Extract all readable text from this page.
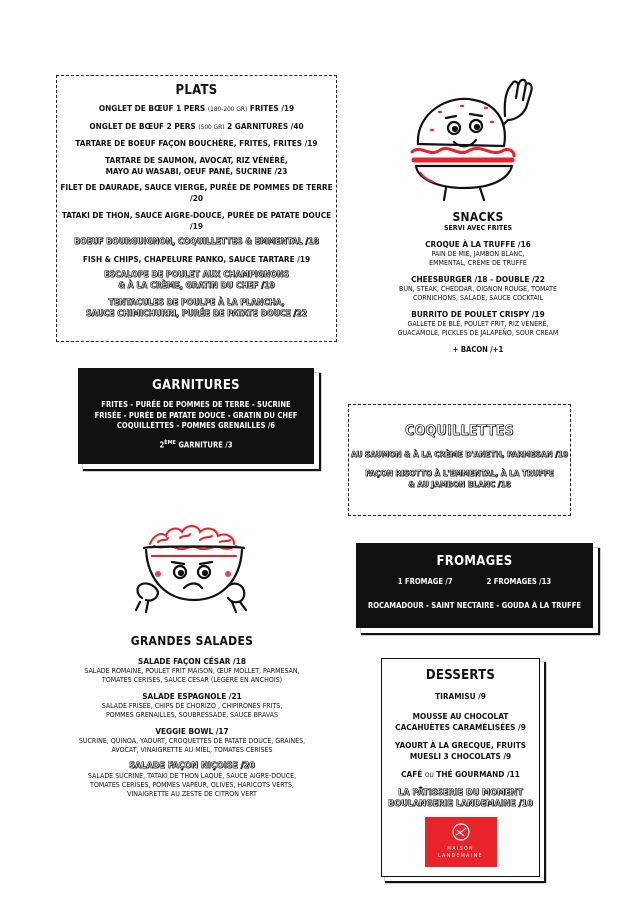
PLATS
ONGLET DE BŒUF 1 PERS (180-200 GR) FRITES /19
ONGLET DE BŒUF 2 PERS (500 GR) 2 GARNITURES /40
TARTARE DE BOEUF FAÇON BOUCHÈRE, FRITES, FRITES /19
TARTARE DE SAUMON, AVOCAT, RIZ VÉNÉRÉ,
MAYO AU WASABI, OEUF PANÉ, SUCRINE /23
FILET DE DAURADE, SAUCE VIERGE, PURÉE DE POMMES DE TERRE /20
TATAKI DE THON, SAUCE AIGRE-DOUCE, PURÉE DE PATATE DOUCE /19
BOEUF BOURGUIGNON, COQUILLETTES & EMMENTAL /18
FISH & CHIPS, CHAPELURE PANKO, SAUCE TARTARE /19
ESCALOPE DE POULET AUX CHAMPIGNONS
& À LA CRÈME, GRATIN DU CHEF /19
TENTACULES DE POULPE À LA PLANCHA,
SAUCE CHIMICHURRI, PURÉE DE PATATE DOUCE /22
GARNITURES
FRITES - PURÉE DE POMMES DE TERRE - SUCRINE
FRISÉE - PURÉE DE PATATE DOUCE - GRATIN DU CHEF
COQUILLETTES - POMMES GRENAILLES /6
2ÈME GARNITURE /3
SNACKS
SERVI AVEC FRITES
CROQUE À LA TRUFFE /16
PAIN DE MIE, JAMBON BLANC,
EMMENTAL, CRÈME DE TRUFFE
CHEESBURGER /18 - DOUBLE /22
BUN, STEAK, CHEDDAR, OIGNON ROUGE, TOMATE
CORNICHONS, SALADE, SAUCE COCKTAIL
BURRITO DE POULET CRISPY /19
GALLETE DE BLÉ, POULET FRIT, RIZ VÉNÉRÉ,
GUACAMOLE, PICKLES DE JALAPEÑO, SOUR CREAM
+ BACON /+1
COQUILLETTES
AU SAUMON & À LA CRÈME D'ANETH, PARMESAN /19
FAÇON RISOTTO À L'EMMENTAL, À LA TRUFFE
& AU JAMBON BLANC /18
FROMAGES
1 FROMAGE /7	2 FROMAGES /13
ROCAMADOUR - SAINT NECTAIRE - GOUDA À LA TRUFFE
GRANDES SALADES
SALADE FAÇON CÉSAR /18
SALADE ROMAINE, POULET FRIT MAISON, ŒUF MOLLET, PARMESAN,
TOMATES CERISES, SAUCE CÉSAR (LÉGÈRE EN ANCHOIS)
SALADE ESPAGNOLE /21
SALADE FRISÉE, CHIPS DE CHORIZO , CHIPIRONES FRITS,
POMMES GRENAILLES, SOUBRESSADE, SAUCE BRAVAS
VEGGIE BOWL /17
SUCRINE, QUINOA, YAOURT, CROQUETTES DE PATATE DOUCE, GRAINES,
AVOCAT, VINAIGRETTE AU MIEL, TOMATES CERISES
SALADE FAÇON NIÇOISE /20
SALADE SUCRINE, TATAKI DE THON LAQUÉ, SAUCE AIGRE-DOUCE,
TOMATES CERISES, POMMES VAPEUR, OLIVES, HARICOTS VERTS,
VINAIGRETTE AU ZESTE DE CITRON VERT
DESSERTS
TIRAMISU /9
MOUSSE AU CHOCOLAT
CACAHUÈTES CARAMÉLISÉES /9
YAOURT À LA GRECQUE, FRUITS
MUESLI 3 CHOCOLATS /9
CAFÉ OU THÉ GOURMAND /11
LA PÂTISSERIE DU MOMENT
BOULANGERIE LANDEMAINE /10
MAISON
LANDEMAINE
